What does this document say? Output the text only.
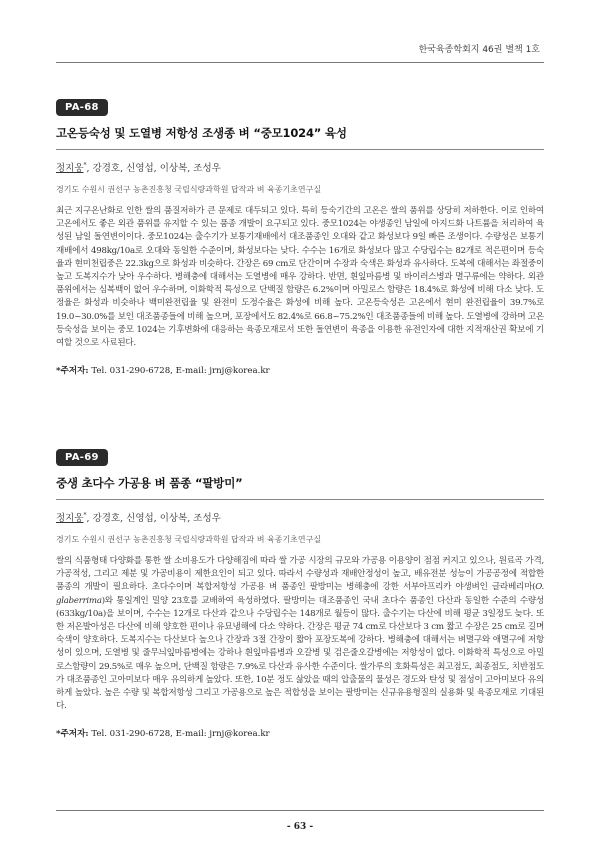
한국육종학회지 46권 별책 1호
PA-68
고온등숙성 및 도열병 저항성 조생종 벼 “중모1024” 육성
정지웅*, 강경호, 신영섭, 이상복, 조성우
경기도 수원시 권선구 농촌진흥청 국립식량과학원 답작과 벼 육종기초연구실
최근 지구온난화로 인한 쌀의 품질저하가 큰 문제로 대두되고 있다. 특히 등숙기간의 고온은 쌀의 품위를 상당히 저하한다. 이로 인하여 고온에서도 좋은 외관 품위를 유지할 수 있는 품종 개발이 요구되고 있다. 중모1024는 야생종인 남일에 아지드화 나트륨을 처리하여 육성된 남일 돌연변이이다. 중모1024는 출수기가 보통기재배에서 대조품종인 오대와 같고 화성보다 9일 빠른 조생이다. 수량성은 보통기재배에서 498kg/10a로 오대와 동일한 수준이며, 화성보다는 낮다. 수수는 16개로 화성보다 많고 수당립수는 82개로 적은편이며 등숙율과 현미천립중은 22.3kg으로 화성과 비슷하다. 간장은 69 cm로 단간이며 수장과 숙색은 화성과 유사하다. 도복에 대해서는 좌절중이 높고 도복지수가 낮아 우수하다. 병해충에 대해서는 도열병에 매우 강하다. 반면, 흰잎마름병 및 바이러스병과 멸구류에는 약하다. 외관 품위에서는 심복백이 없어 우수하며, 이화학적 특성으로 단백질 함량은 6.2%이며 아밀로스 함량은 18.4%로 화성에 비해 다소 낮다. 도정율은 화성과 비슷하나 백미완전립율 및 완전미 도정수율은 화성에 비해 높다. 고온등숙성은 고온에서 현미 완전립율이 39.7%로 19.0~30.0%를 보인 대조품종들에 비해 높으며, 포장에서도 82.4%로 66.8~75.2%인 대조품종들에 비해 높다. 도열병에 강하며 고온등숙성을 보이는 중모 1024는 기후변화에 대응하는 육종모재로서 또한 돌연변이 육종을 이용한 유전인자에 대한 지적재산권 확보에 기여할 것으로 사료된다.
*주저자: Tel. 031-290-6728, E-mail: jrnj@korea.kr
PA-69
중생 초다수 가공용 벼 품종 “팔방미”
정지웅*, 강경호, 신영섭, 이상복, 조성우
경기도 수원시 권선구 농촌진흥청 국립식량과학원 답작과 벼 육종기초연구실
쌀의 식품형태 다양화를 통한 쌀 소비용도가 다양해짐에 따라 쌀 가공 시장의 규모와 가공용 이용양이 점점 커지고 있으나, 원료곡 가격, 가공적성, 그리고 제분 및 가공비용이 제한요인이 되고 있다. 따라서 수량성과 재배안정성이 높고, 배유전분 성능이 가공공정에 적합한 품종의 개발이 필요하다. 초다수이며 복합저항성 가공용 벼 품종인 팔방미는 병해충에 강한 서부아프리카 야생벼인 글라베리마(O. glaberrima)와 통일계인 밀양 23호를 교배하여 육성하였다. 팔방미는 대조품종인 국내 초다수 품종인 다산과 동일한 수준의 수량성 (633kg/10a)을 보이며, 수수는 12개로 다산과 같으나 수당립수는 148개로 월등이 많다. 출수기는 다산에 비해 평균 3일정도 늦다. 또한 저온발아성은 다산에 비해 양호한 편이나 유묘냉해에 다소 약하다. 간장은 평균 74 cm로 다산보다 3 cm 짧고 수장은 25 cm로 길며 숙색이 양호하다. 도복지수는 다산보다 높으나 간장과 3절 간장이 짧아 포장도복에 강하다. 병해충에 대해서는 벼멸구와 애멸구에 저항성이 있으며, 도열병 및 줄무늬잎마름병에는 강하나 흰잎마름병과 오갈병 및 검은줄오갈병에는 저항성이 없다. 이화학적 특성으로 아밀로스함량이 29.5%로 매우 높으며, 단백질 함량은 7.9%로 다산과 유사한 수준이다. 쌀가루의 호화특성은 최고점도, 최종점도, 치반점도가 대조품종인 고아미보다 매우 유의하게 높았다. 또한, 10분 정도 삶았을 때의 압출물의 물성은 경도와 탄성 및 점성이 고아미보다 유의하게 높았다. 높은 수량 및 복합저항성 그리고 가공용으로 높은 적합성을 보이는 팔방미는 신규유용형질의 실용화 및 육종모재로 기대된다.
*주저자: Tel. 031-290-6728, E-mail: jrnj@korea.kr
- 63 -
